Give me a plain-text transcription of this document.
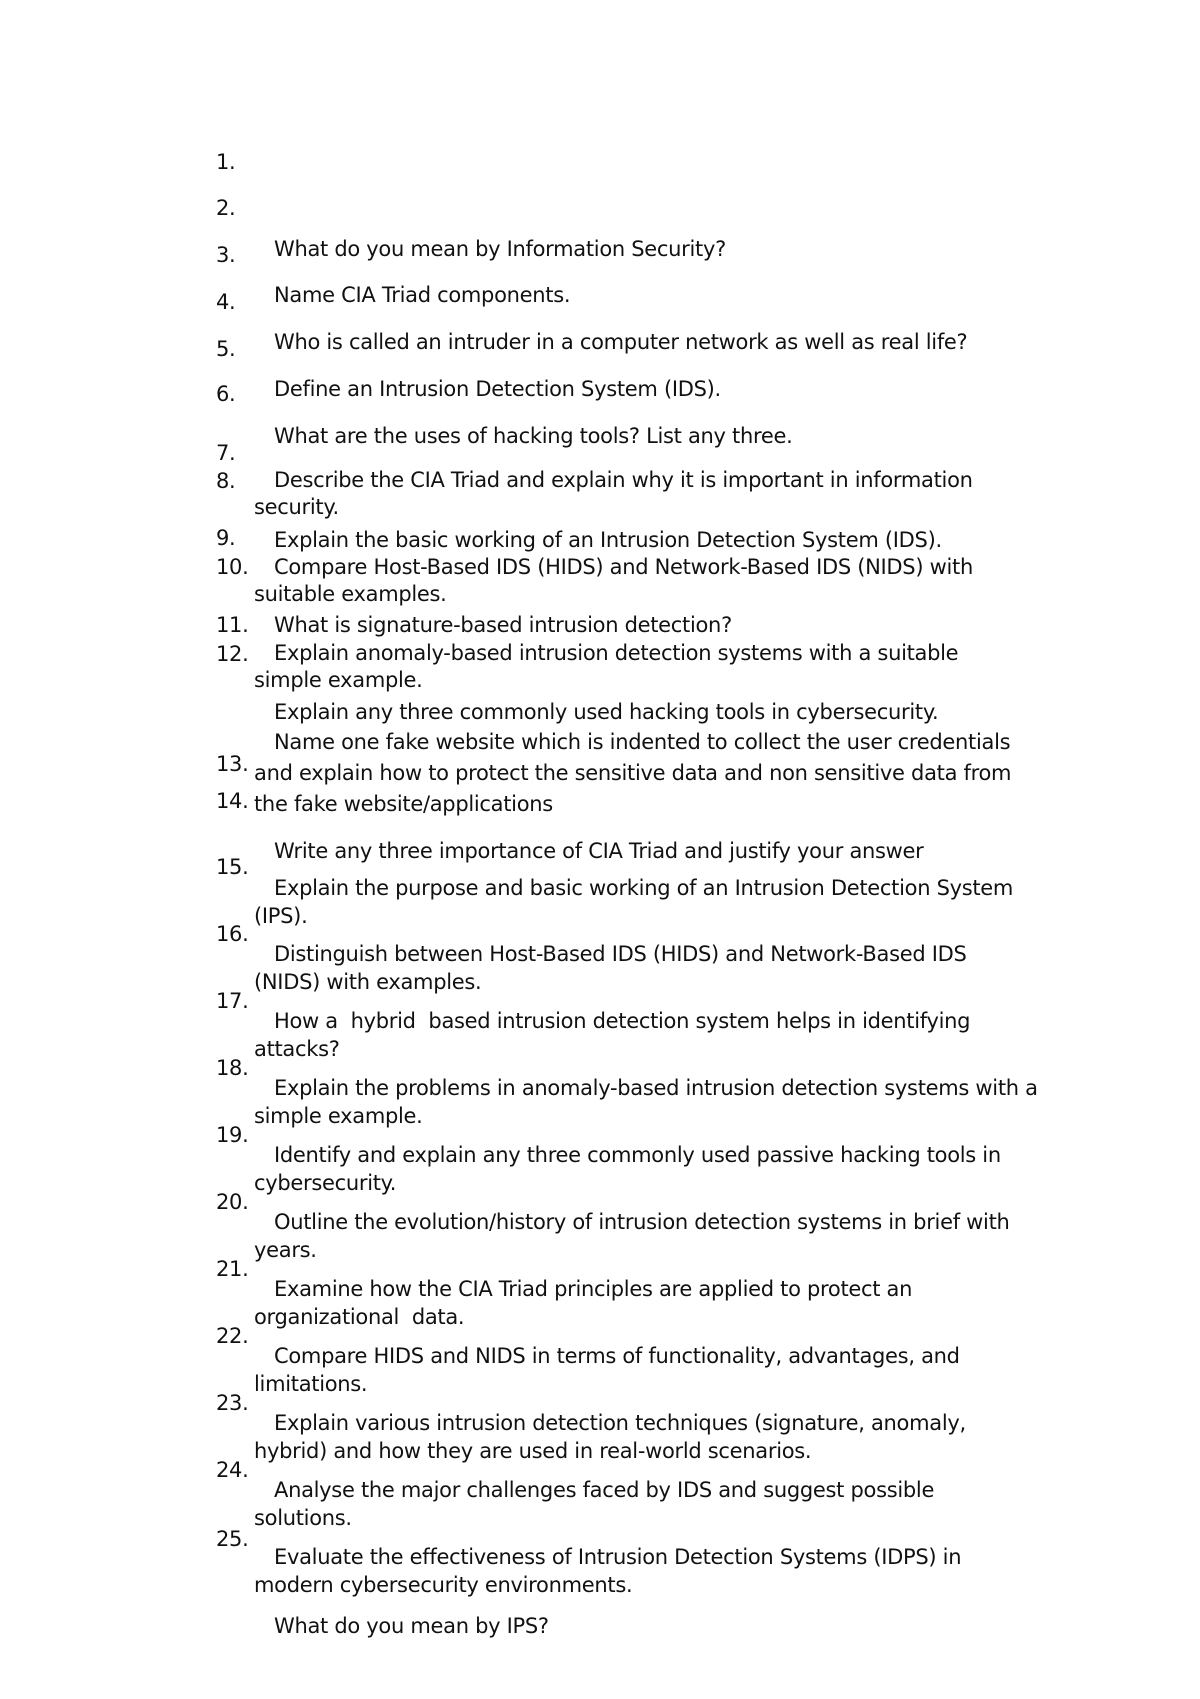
1.

What do you mean by Information Security?

2.

Name CIA Triad components.

3.

Who is called an intruder in a computer network as well as real life?

4.

Define an Intrusion Detection System (IDS).

5.

What are the uses of hacking tools? List any three.

6.

Describe the CIA Triad and explain why it is important in information security.

7.

Explain the basic working of an Intrusion Detection System (IDS).

8.

Compare Host-Based IDS (HIDS) and Network-Based IDS (NIDS) with suitable examples.

9.

What is signature-based intrusion detection?

10.

Explain anomaly-based intrusion detection systems with a suitable simple example.

11.

Explain any three commonly used hacking tools in cybersecurity.

12.

Name one fake website which is indented to collect the user credentials and explain how to protect the sensitive data and non sensitive data from the fake website/applications

13.

Write any three importance of CIA Triad and justify your answer

14.

Explain the purpose and basic working of an Intrusion Detection System (IPS).

15.

Distinguish between Host-Based IDS (HIDS) and Network-Based IDS (NIDS) with examples.

16.

How a  hybrid  based intrusion detection system helps in identifying attacks?

17.

Explain the problems in anomaly-based intrusion detection systems with a simple example.

18.

Identify and explain any three commonly used passive hacking tools in cybersecurity.

19.

Outline the evolution/history of intrusion detection systems in brief with years.

20.

Examine how the CIA Triad principles are applied to protect an organizational  data.

21.

Compare HIDS and NIDS in terms of functionality, advantages, and limitations.

22.

Explain various intrusion detection techniques (signature, anomaly, hybrid) and how they are used in real-world scenarios.

23.

Analyse the major challenges faced by IDS and suggest possible solutions.

24.

Evaluate the effectiveness of Intrusion Detection Systems (IDPS) in modern cybersecurity environments.

25.

What do you mean by IPS?
